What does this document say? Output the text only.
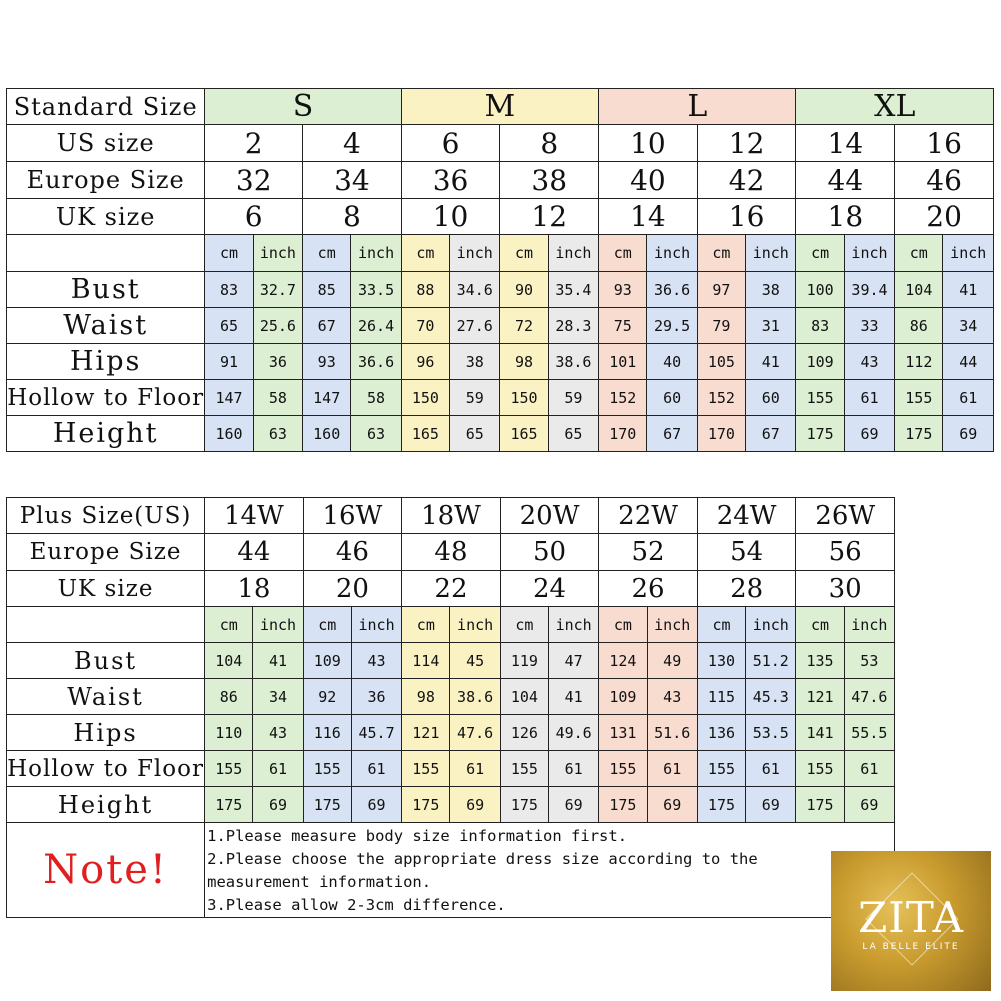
Standard Size	S				M				L				XL			
US size	2		4		6		8		10		12		14		16	
Europe Size	32		34		36		38		40		42		44		46	
UK size	6		8		10		12		14		16		18		20	
	cm	inch	cm	inch	cm	inch	cm	inch	cm	inch	cm	inch	cm	inch	cm	inch
Bust	83	32.7	85	33.5	88	34.6	90	35.4	93	36.6	97	38	100	39.4	104	41
Waist	65	25.6	67	26.4	70	27.6	72	28.3	75	29.5	79	31	83	33	86	34
Hips	91	36	93	36.6	96	38	98	38.6	101	40	105	41	109	43	112	44
Hollow to Floor	147	58	147	58	150	59	150	59	152	60	152	60	155	61	155	61
Height	160	63	160	63	165	65	165	65	170	67	170	67	175	69	175	69
Plus Size(US)	14W		16W		18W		20W		22W		24W		26W	
Europe Size	44		46		48		50		52		54		56	
UK size	18		20		22		24		26		28		30	
	cm	inch	cm	inch	cm	inch	cm	inch	cm	inch	cm	inch	cm	inch
Bust	104	41	109	43	114	45	119	47	124	49	130	51.2	135	53
Waist	86	34	92	36	98	38.6	104	41	109	43	115	45.3	121	47.6
Hips	110	43	116	45.7	121	47.6	126	49.6	131	51.6	136	53.5	141	55.5
Hollow to Floor	155	61	155	61	155	61	155	61	155	61	155	61	155	61
Height	175	69	175	69	175	69	175	69	175	69	175	69	175	69
Note!	1.Please measure body size information first.
2.Please choose the appropriate dress size according to the
measurement information.
3.Please allow 2-3cm difference.														ZITA
LA BELLE ELITE
